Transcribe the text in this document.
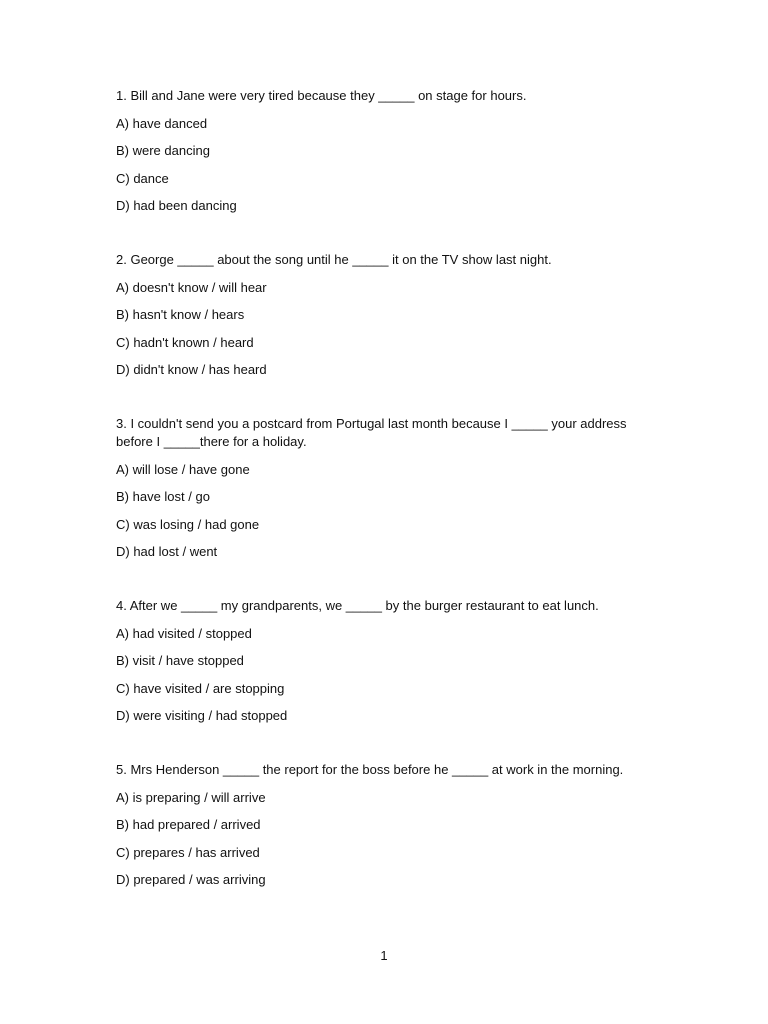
1. Bill and Jane were very tired because they _____ on stage for hours.

A) have danced
B) were dancing
C) dance
D) had been dancing

2. George _____ about the song until he _____ it on the TV show last night.

A) doesn't know / will hear
B) hasn't know / hears
C) hadn't known / heard
D) didn't know / has heard

3. I couldn't send you a postcard from Portugal last month because I _____ your address before I _____there for a holiday.

A) will lose / have gone
B) have lost / go
C) was losing / had gone
D) had lost / went

4. After we _____ my grandparents, we _____ by the burger restaurant to eat lunch.

A) had visited / stopped
B) visit / have stopped
C) have visited / are stopping
D) were visiting / had stopped

5. Mrs Henderson _____ the report for the boss before he _____ at work in the morning.

A) is preparing / will arrive
B) had prepared / arrived
C) prepares / has arrived
D) prepared / was arriving
1
